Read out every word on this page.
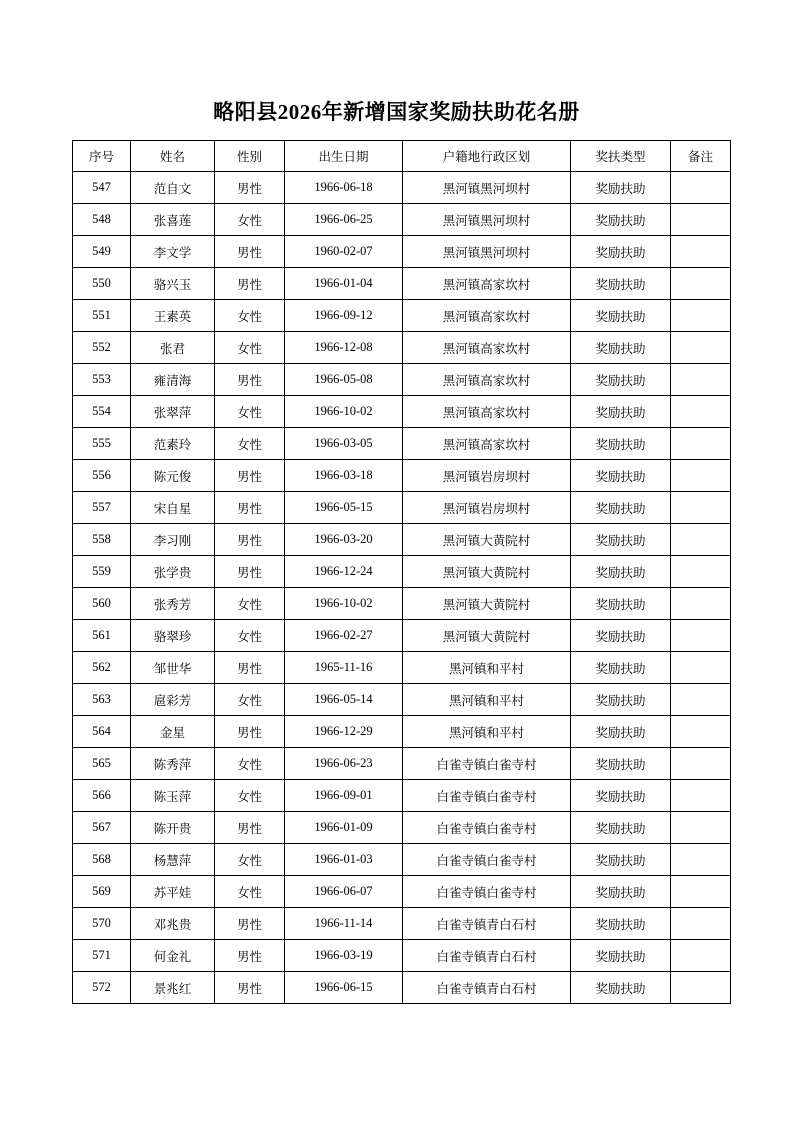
略阳县2026年新增国家奖励扶助花名册
序号	姓名	性别	出生日期	户籍地行政区划	奖扶类型	备注
547	范自文	男性	1966-06-18	黑河镇黑河坝村	奖励扶助	
548	张喜莲	女性	1966-06-25	黑河镇黑河坝村	奖励扶助	
549	李文学	男性	1960-02-07	黑河镇黑河坝村	奖励扶助	
550	骆兴玉	男性	1966-01-04	黑河镇高家坎村	奖励扶助	
551	王素英	女性	1966-09-12	黑河镇高家坎村	奖励扶助	
552	张君	女性	1966-12-08	黑河镇高家坎村	奖励扶助	
553	雍清海	男性	1966-05-08	黑河镇高家坎村	奖励扶助	
554	张翠萍	女性	1966-10-02	黑河镇高家坎村	奖励扶助	
555	范素玲	女性	1966-03-05	黑河镇高家坎村	奖励扶助	
556	陈元俊	男性	1966-03-18	黑河镇岩房坝村	奖励扶助	
557	宋自星	男性	1966-05-15	黑河镇岩房坝村	奖励扶助	
558	李习刚	男性	1966-03-20	黑河镇大黄院村	奖励扶助	
559	张学贵	男性	1966-12-24	黑河镇大黄院村	奖励扶助	
560	张秀芳	女性	1966-10-02	黑河镇大黄院村	奖励扶助	
561	骆翠珍	女性	1966-02-27	黑河镇大黄院村	奖励扶助	
562	邹世华	男性	1965-11-16	黑河镇和平村	奖励扶助	
563	扈彩芳	女性	1966-05-14	黑河镇和平村	奖励扶助	
564	金星	男性	1966-12-29	黑河镇和平村	奖励扶助	
565	陈秀萍	女性	1966-06-23	白雀寺镇白雀寺村	奖励扶助	
566	陈玉萍	女性	1966-09-01	白雀寺镇白雀寺村	奖励扶助	
567	陈开贵	男性	1966-01-09	白雀寺镇白雀寺村	奖励扶助	
568	杨慧萍	女性	1966-01-03	白雀寺镇白雀寺村	奖励扶助	
569	苏平娃	女性	1966-06-07	白雀寺镇白雀寺村	奖励扶助	
570	邓兆贵	男性	1966-11-14	白雀寺镇青白石村	奖励扶助	
571	何金礼	男性	1966-03-19	白雀寺镇青白石村	奖励扶助	
572	景兆红	男性	1966-06-15	白雀寺镇青白石村	奖励扶助	
